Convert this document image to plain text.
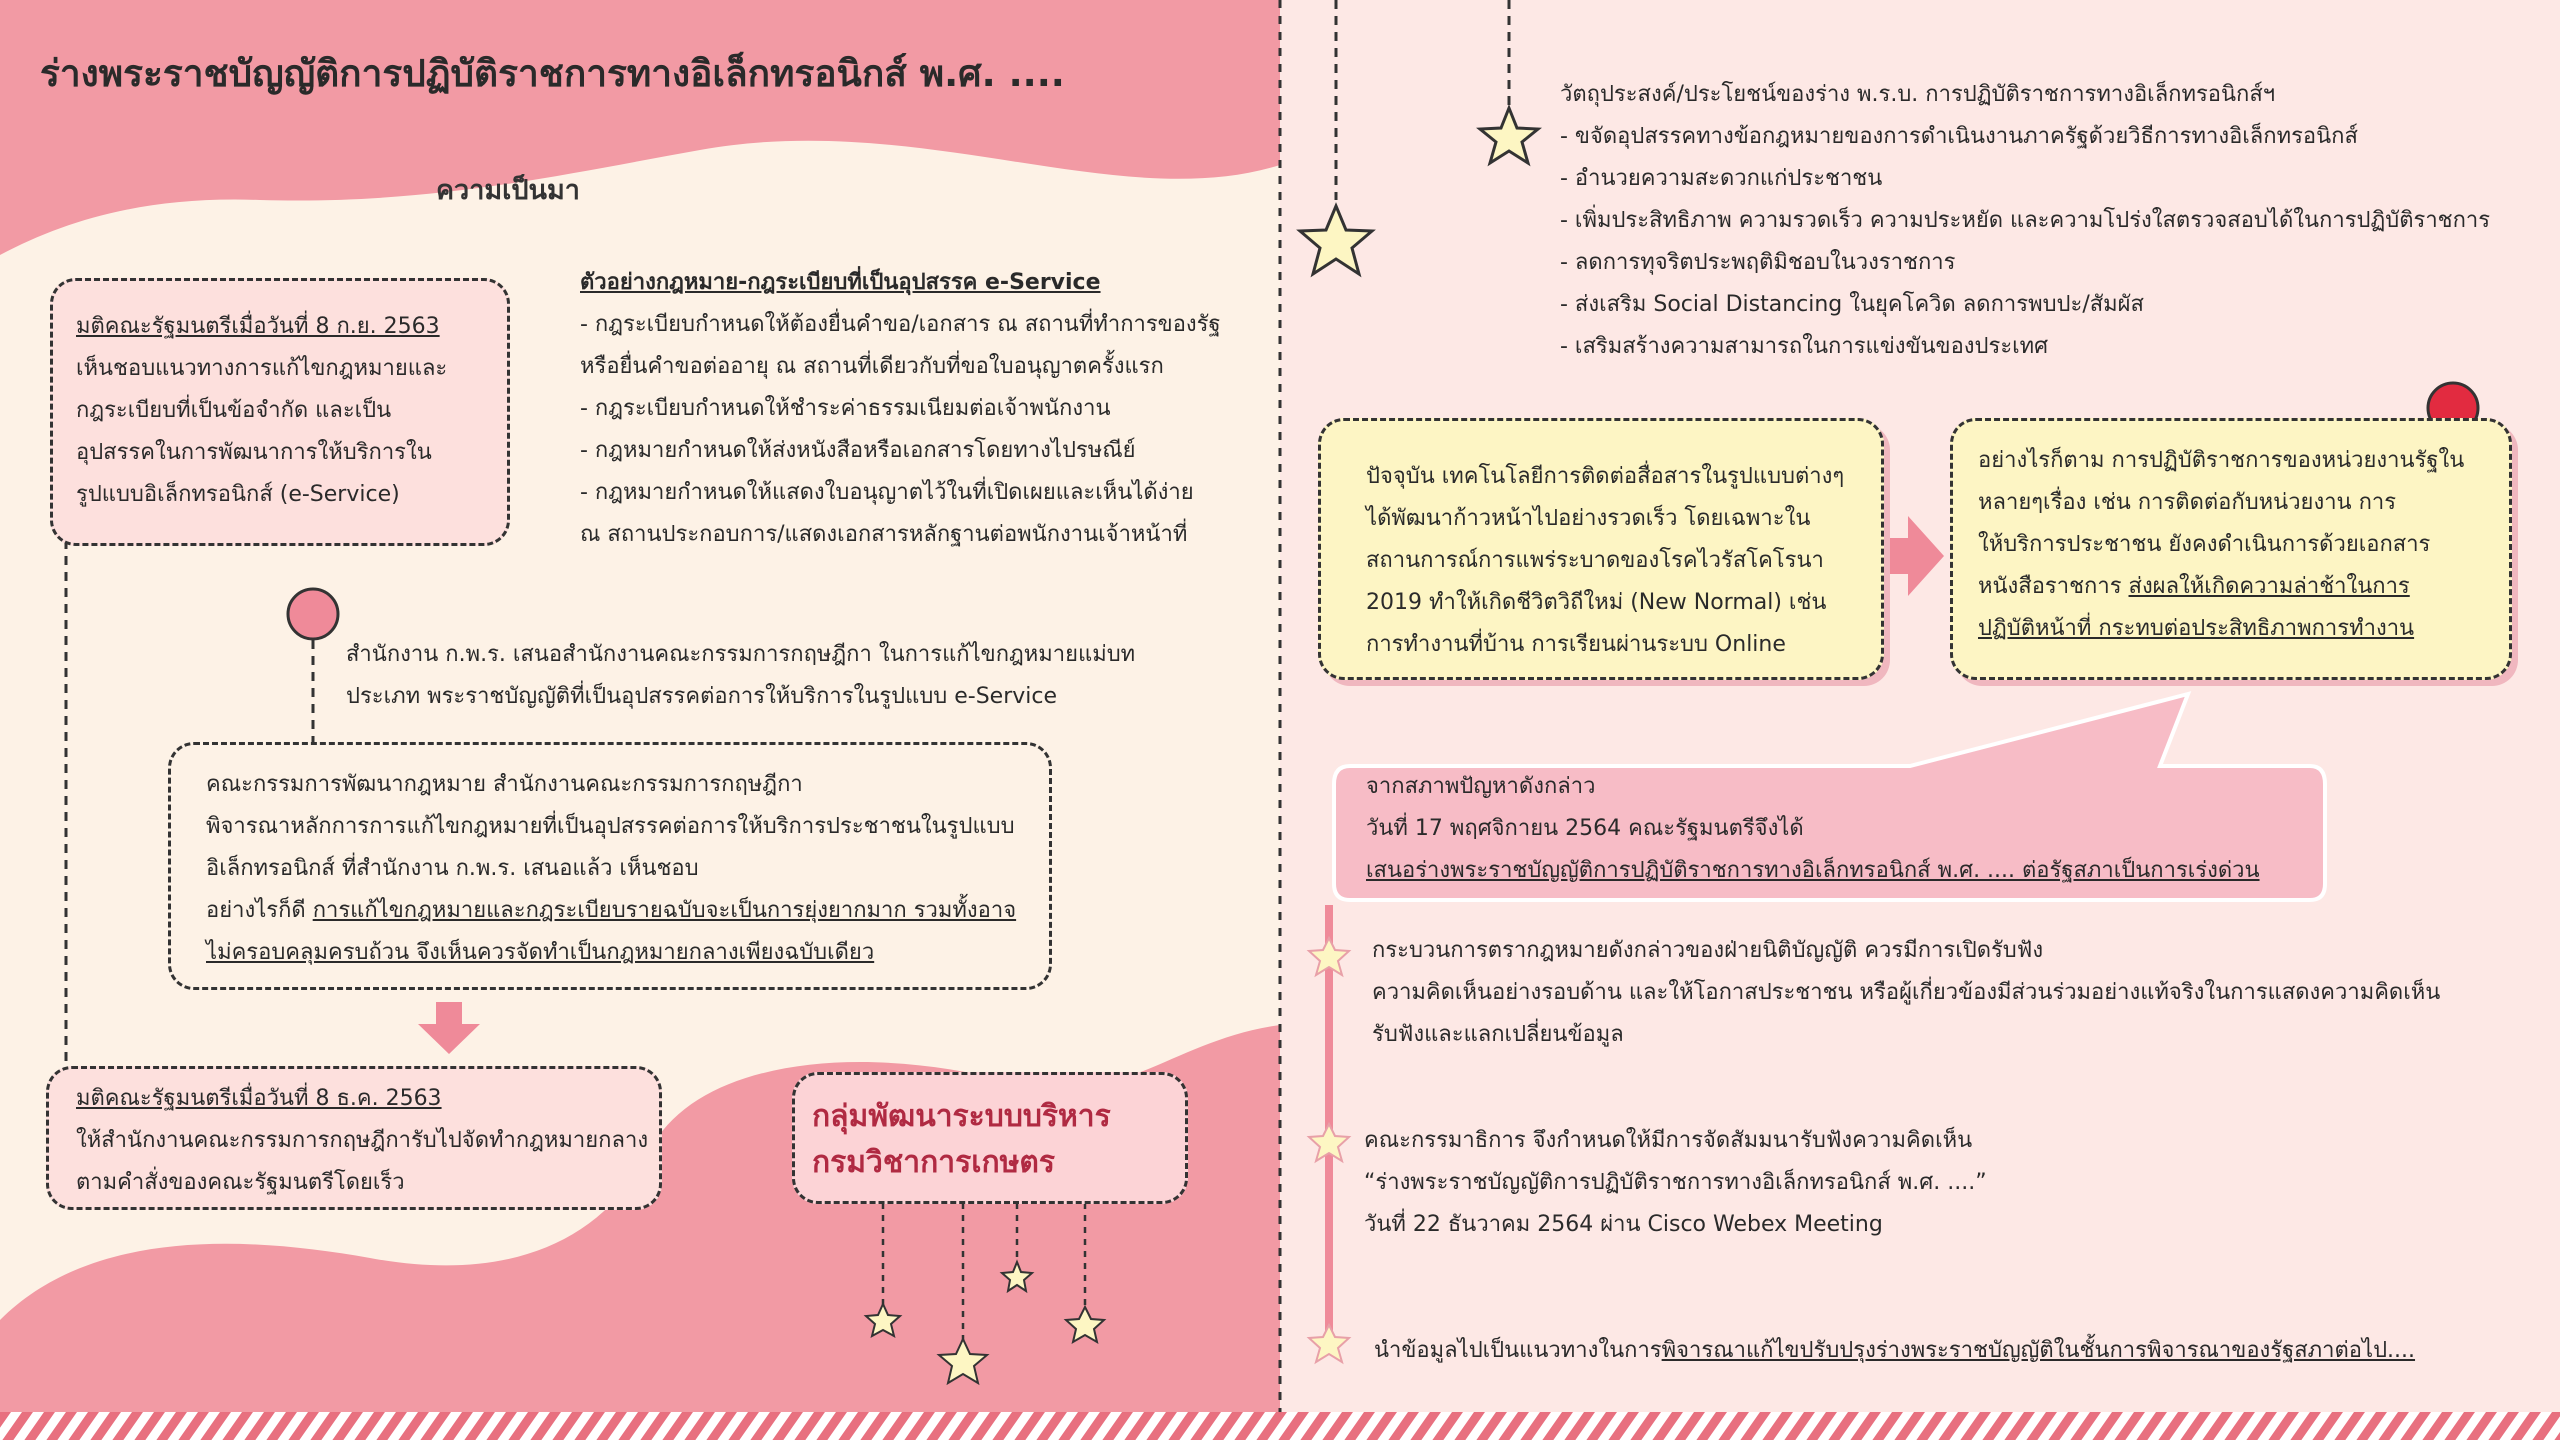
ร่างพระราชบัญญัติการปฏิบัติราชการทางอิเล็กทรอนิกส์ พ.ศ. ....
ความเป็นมา
มติคณะรัฐมนตรีเมื่อวันที่ 8 ก.ย. 2563
เห็นชอบแนวทางการแก้ไขกฎหมายและ
กฎระเบียบที่เป็นข้อจำกัด และเป็น
อุปสรรคในการพัฒนาการให้บริการใน
รูปแบบอิเล็กทรอนิกส์ (e-Service)
ตัวอย่างกฎหมาย-กฎระเบียบที่เป็นอุปสรรค e-Service
- กฎระเบียบกำหนดให้ต้องยื่นคำขอ/เอกสาร ณ สถานที่ทำการของรัฐ
หรือยื่นคำขอต่ออายุ ณ สถานที่เดียวกับที่ขอใบอนุญาตครั้งแรก
- กฎระเบียบกำหนดให้ชำระค่าธรรมเนียมต่อเจ้าพนักงาน
- กฎหมายกำหนดให้ส่งหนังสือหรือเอกสารโดยทางไปรษณีย์
- กฎหมายกำหนดให้แสดงใบอนุญาตไว้ในที่เปิดเผยและเห็นได้ง่าย
ณ สถานประกอบการ/แสดงเอกสารหลักฐานต่อพนักงานเจ้าหน้าที่
สำนักงาน ก.พ.ร. เสนอสำนักงานคณะกรรมการกฤษฎีกา ในการแก้ไขกฎหมายแม่บท
ประเภท พระราชบัญญัติที่เป็นอุปสรรคต่อการให้บริการในรูปแบบ e-Service
คณะกรรมการพัฒนากฎหมาย สำนักงานคณะกรรมการกฤษฎีกา
พิจารณาหลักการการแก้ไขกฎหมายที่เป็นอุปสรรคต่อการให้บริการประชาชนในรูปแบบ
อิเล็กทรอนิกส์ ที่สำนักงาน ก.พ.ร. เสนอแล้ว เห็นชอบ
อย่างไรก็ดี การแก้ไขกฎหมายและกฎระเบียบรายฉบับจะเป็นการยุ่งยากมาก รวมทั้งอาจ
ไม่ครอบคลุมครบถ้วน จึงเห็นควรจัดทำเป็นกฎหมายกลางเพียงฉบับเดียว
มติคณะรัฐมนตรีเมื่อวันที่ 8 ธ.ค. 2563
ให้สำนักงานคณะกรรมการกฤษฎีการับไปจัดทำกฎหมายกลาง
ตามคำสั่งของคณะรัฐมนตรีโดยเร็ว
กลุ่มพัฒนาระบบบริหาร
กรมวิชาการเกษตร
วัตถุประสงค์/ประโยชน์ของร่าง พ.ร.บ. การปฏิบัติราชการทางอิเล็กทรอนิกส์ฯ
- ขจัดอุปสรรคทางข้อกฎหมายของการดำเนินงานภาครัฐด้วยวิธีการทางอิเล็กทรอนิกส์
- อำนวยความสะดวกแก่ประชาชน
- เพิ่มประสิทธิภาพ ความรวดเร็ว ความประหยัด และความโปร่งใสตรวจสอบได้ในการปฏิบัติราชการ
- ลดการทุจริตประพฤติมิชอบในวงราชการ
- ส่งเสริม Social Distancing ในยุคโควิด ลดการพบปะ/สัมผัส
- เสริมสร้างความสามารถในการแข่งขันของประเทศ
ปัจจุบัน เทคโนโลยีการติดต่อสื่อสารในรูปแบบต่างๆ
ได้พัฒนาก้าวหน้าไปอย่างรวดเร็ว โดยเฉพาะใน
สถานการณ์การแพร่ระบาดของโรคไวรัสโคโรนา
2019 ทำให้เกิดชีวิตวิถีใหม่ (New Normal) เช่น
การทำงานที่บ้าน การเรียนผ่านระบบ Online
อย่างไรก็ตาม การปฏิบัติราชการของหน่วยงานรัฐใน
หลายๆเรื่อง เช่น การติดต่อกับหน่วยงาน การ
ให้บริการประชาชน ยังคงดำเนินการด้วยเอกสาร
หนังสือราชการ ส่งผลให้เกิดความล่าช้าในการ
ปฏิบัติหน้าที่ กระทบต่อประสิทธิภาพการทำงาน
จากสภาพปัญหาดังกล่าว
วันที่ 17 พฤศจิกายน 2564 คณะรัฐมนตรีจึงได้
เสนอร่างพระราชบัญญัติการปฏิบัติราชการทางอิเล็กทรอนิกส์ พ.ศ. .... ต่อรัฐสภาเป็นการเร่งด่วน
กระบวนการตรากฎหมายดังกล่าวของฝ่ายนิติบัญญัติ ควรมีการเปิดรับฟัง
ความคิดเห็นอย่างรอบด้าน และให้โอกาสประชาชน หรือผู้เกี่ยวข้องมีส่วนร่วมอย่างแท้จริงในการแสดงความคิดเห็น
รับฟังและแลกเปลี่ยนข้อมูล
คณะกรรมาธิการ จึงกำหนดให้มีการจัดสัมมนารับฟังความคิดเห็น
“ร่างพระราชบัญญัติการปฏิบัติราชการทางอิเล็กทรอนิกส์ พ.ศ. ....”
วันที่ 22 ธันวาคม 2564 ผ่าน Cisco Webex Meeting
นำข้อมูลไปเป็นแนวทางในการพิจารณาแก้ไขปรับปรุงร่างพระราชบัญญัติในชั้นการพิจารณาของรัฐสภาต่อไป....
